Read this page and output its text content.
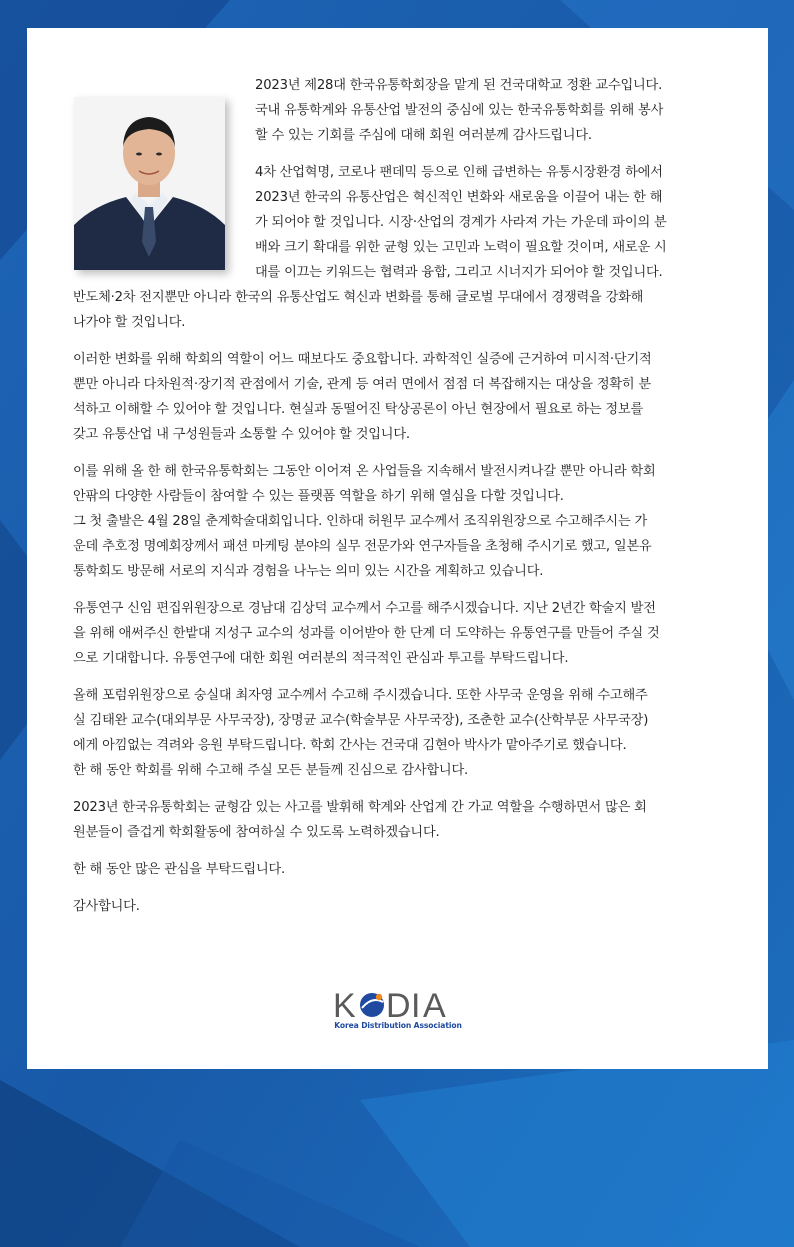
2023년 제28대 한국유통학회장을 맡게 된 건국대학교 정환 교수입니다.
국내 유통학계와 유통산업 발전의 중심에 있는 한국유통학회를 위해 봉사
할 수 있는 기회를 주심에 대해 회원 여러분께 감사드립니다.
4차 산업혁명, 코로나 팬데믹 등으로 인해 급변하는 유통시장환경 하에서
2023년 한국의 유통산업은 혁신적인 변화와 새로움을 이끌어 내는 한 해
가 되어야 할 것입니다. 시장·산업의 경계가 사라져 가는 가운데 파이의 분
배와 크기 확대를 위한 균형 있는 고민과 노력이 필요할 것이며, 새로운 시
대를 이끄는 키워드는 협력과 융합, 그리고 시너지가 되어야 할 것입니다.
반도체·2차 전지뿐만 아니라 한국의 유통산업도 혁신과 변화를 통해 글로벌 무대에서 경쟁력을 강화해
나가야 할 것입니다.
이러한 변화를 위해 학회의 역할이 어느 때보다도 중요합니다. 과학적인 실증에 근거하여 미시적·단기적
뿐만 아니라 다차원적·장기적 관점에서 기술, 관계 등 여러 면에서 점점 더 복잡해지는 대상을 정확히 분
석하고 이해할 수 있어야 할 것입니다. 현실과 동떨어진 탁상공론이 아닌 현장에서 필요로 하는 정보를
갖고 유통산업 내 구성원들과 소통할 수 있어야 할 것입니다.
이를 위해 올 한 해 한국유통학회는 그동안 이어져 온 사업들을 지속해서 발전시켜나갈 뿐만 아니라 학회
안팎의 다양한 사람들이 참여할 수 있는 플랫폼 역할을 하기 위해 열심을 다할 것입니다.
그 첫 출발은 4월 28일 춘계학술대회입니다. 인하대 허원무 교수께서 조직위원장으로 수고해주시는 가
운데 추호정 명예회장께서 패션 마케팅 분야의 실무 전문가와 연구자들을 초청해 주시기로 했고, 일본유
통학회도 방문해 서로의 지식과 경험을 나누는 의미 있는 시간을 계획하고 있습니다.
유통연구 신임 편집위원장으로 경남대 김상덕 교수께서 수고를 해주시겠습니다. 지난 2년간 학술지 발전
을 위해 애써주신 한밭대 지성구 교수의 성과를 이어받아 한 단계 더 도약하는 유통연구를 만들어 주실 것
으로 기대합니다. 유통연구에 대한 회원 여러분의 적극적인 관심과 투고를 부탁드립니다.
올해 포럼위원장으로 숭실대 최자영 교수께서 수고해 주시겠습니다. 또한 사무국 운영을 위해 수고해주
실 김태완 교수(대외부문 사무국장), 장명균 교수(학술부문 사무국장), 조춘한 교수(산학부문 사무국장)
에게 아낌없는 격려와 응원 부탁드립니다. 학회 간사는 건국대 김현아 박사가 맡아주기로 했습니다.
한 해 동안 학회를 위해 수고해 주실 모든 분들께 진심으로 감사합니다.
2023년 한국유통학회는 균형감 있는 사고를 발휘해 학계와 산업계 간 가교 역할을 수행하면서 많은 회
원분들이 즐겁게 학회활동에 참여하실 수 있도록 노력하겠습니다.
한 해 동안 많은 관심을 부탁드립니다.
감사합니다.
K D I A
Korea Distribution Association
